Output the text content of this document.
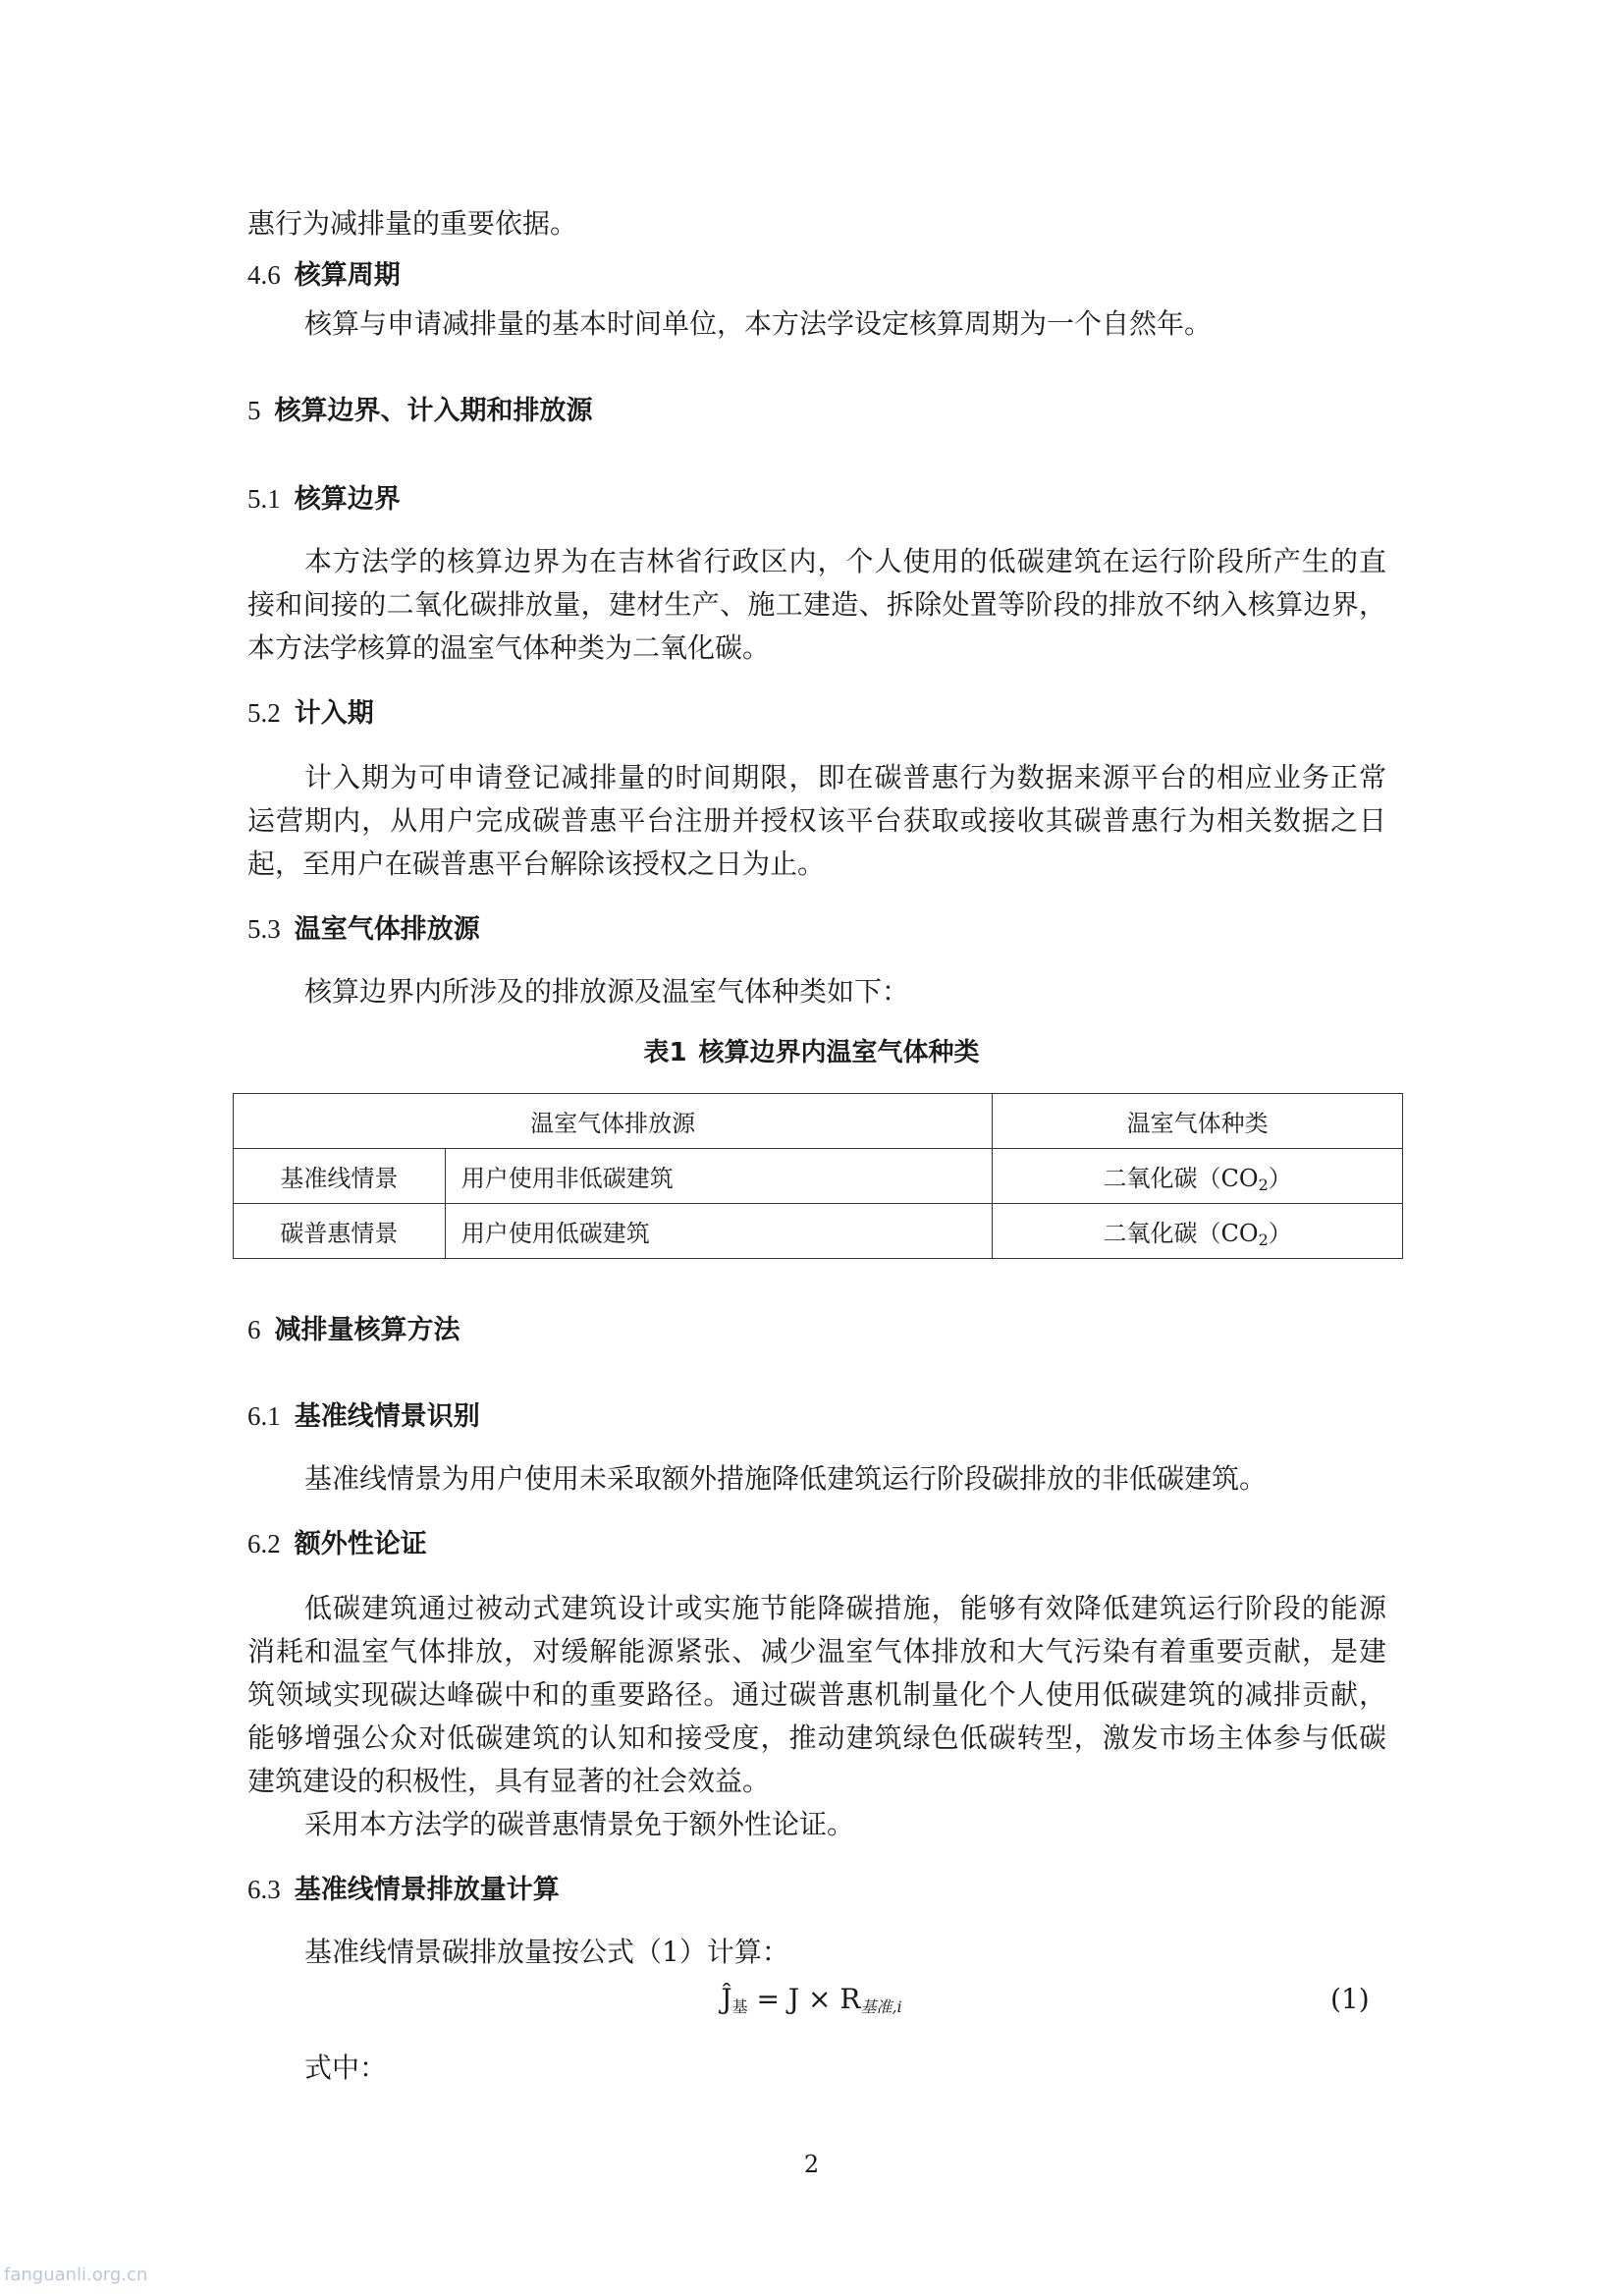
惠行为减排量的重要依据。
4.6 核算周期
核算与申请减排量的基本时间单位，本方法学设定核算周期为一个自然年。
5 核算边界、计入期和排放源
5.1 核算边界
本方法学的核算边界为在吉林省行政区内，个人使用的低碳建筑在运行阶段所产生的直
接和间接的二氧化碳排放量，建材生产、施工建造、拆除处置等阶段的排放不纳入核算边界，
本方法学核算的温室气体种类为二氧化碳。
5.2 计入期
计入期为可申请登记减排量的时间期限，即在碳普惠行为数据来源平台的相应业务正常
运营期内，从用户完成碳普惠平台注册并授权该平台获取或接收其碳普惠行为相关数据之日
起，至用户在碳普惠平台解除该授权之日为止。
5.3 温室气体排放源
核算边界内所涉及的排放源及温室气体种类如下：
表1 核算边界内温室气体种类
温室气体排放源		温室气体种类
基准线情景	用户使用非低碳建筑	二氧化碳$(CO_2)$
碳普惠情景	用户使用低碳建筑	二氧化碳$(CO_2)$
6 减排量核算方法
6.1 基准线情景识别
基准线情景为用户使用未采取额外措施降低建筑运行阶段碳排放的非低碳建筑。
6.2 额外性论证
低碳建筑通过被动式建筑设计或实施节能降碳措施，能够有效降低建筑运行阶段的能源
消耗和温室气体排放，对缓解能源紧张、减少温室气体排放和大气污染有着重要贡献，是建
筑领域实现碳达峰碳中和的重要路径。通过碳普惠机制量化个人使用低碳建筑的减排贡献，
能够增强公众对低碳建筑的认知和接受度，推动建筑绿色低碳转型，激发市场主体参与低碳
建筑建设的积极性，具有显著的社会效益。
采用本方法学的碳普惠情景免于额外性论证。
6.3 基准线情景排放量计算
基准线情景碳排放量按公式（1）计算：
$Ĵ_基 = J \times R_{基准,i}$	(1)
式中：
2
fanguanli.org.cn
